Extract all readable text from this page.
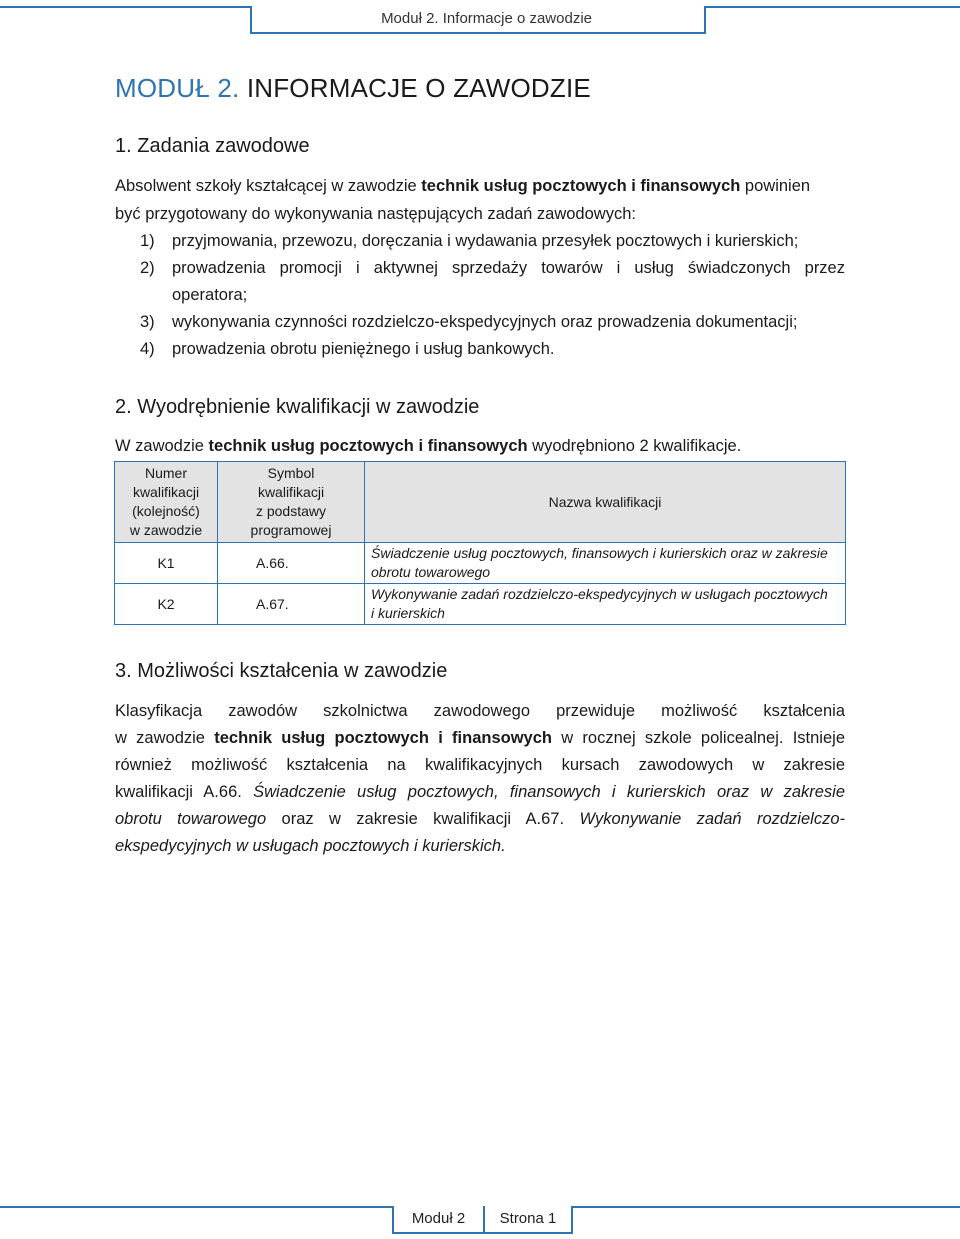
Moduł 2. Informacje o zawodzie
MODUŁ 2. INFORMACJE O ZAWODZIE
1. Zadania zawodowe
Absolwent szkoły kształcącej w zawodzie technik usług pocztowych i finansowych powinien
być przygotowany do wykonywania następujących zadań zawodowych:
1) przyjmowania, przewozu, doręczania i wydawania przesyłek pocztowych i kurierskich;
2) prowadzenia promocji i aktywnej sprzedaży towarów i usług świadczonych przez
operatora;
3) wykonywania czynności rozdzielczo-ekspedycyjnych oraz prowadzenia dokumentacji;
4) prowadzenia obrotu pieniężnego i usług bankowych.
2. Wyodrębnienie kwalifikacji w zawodzie
W zawodzie technik usług pocztowych i finansowych wyodrębniono 2 kwalifikacje.
Numer
kwalifikacji
(kolejność)
w zawodzie	Symbol
kwalifikacji
z podstawy
programowej	Nazwa kwalifikacji
K1	A.66.	Świadczenie usług pocztowych, finansowych i kurierskich oraz w zakresie
obrotu towarowego
K2	A.67.	Wykonywanie zadań rozdzielczo-ekspedycyjnych w usługach pocztowych
i kurierskich
3. Możliwości kształcenia w zawodzie
Klasyfikacja zawodów szkolnictwa zawodowego przewiduje możliwość kształcenia
w zawodzie technik usług pocztowych i finansowych w rocznej szkole policealnej. Istnieje
również możliwość kształcenia na kwalifikacyjnych kursach zawodowych w zakresie
kwalifikacji A.66. Świadczenie usług pocztowych, finansowych i kurierskich oraz w zakresie
obrotu towarowego oraz w zakresie kwalifikacji A.67. Wykonywanie zadań rozdzielczo-
ekspedycyjnych w usługach pocztowych i kurierskich.
Moduł 2	Strona 1
